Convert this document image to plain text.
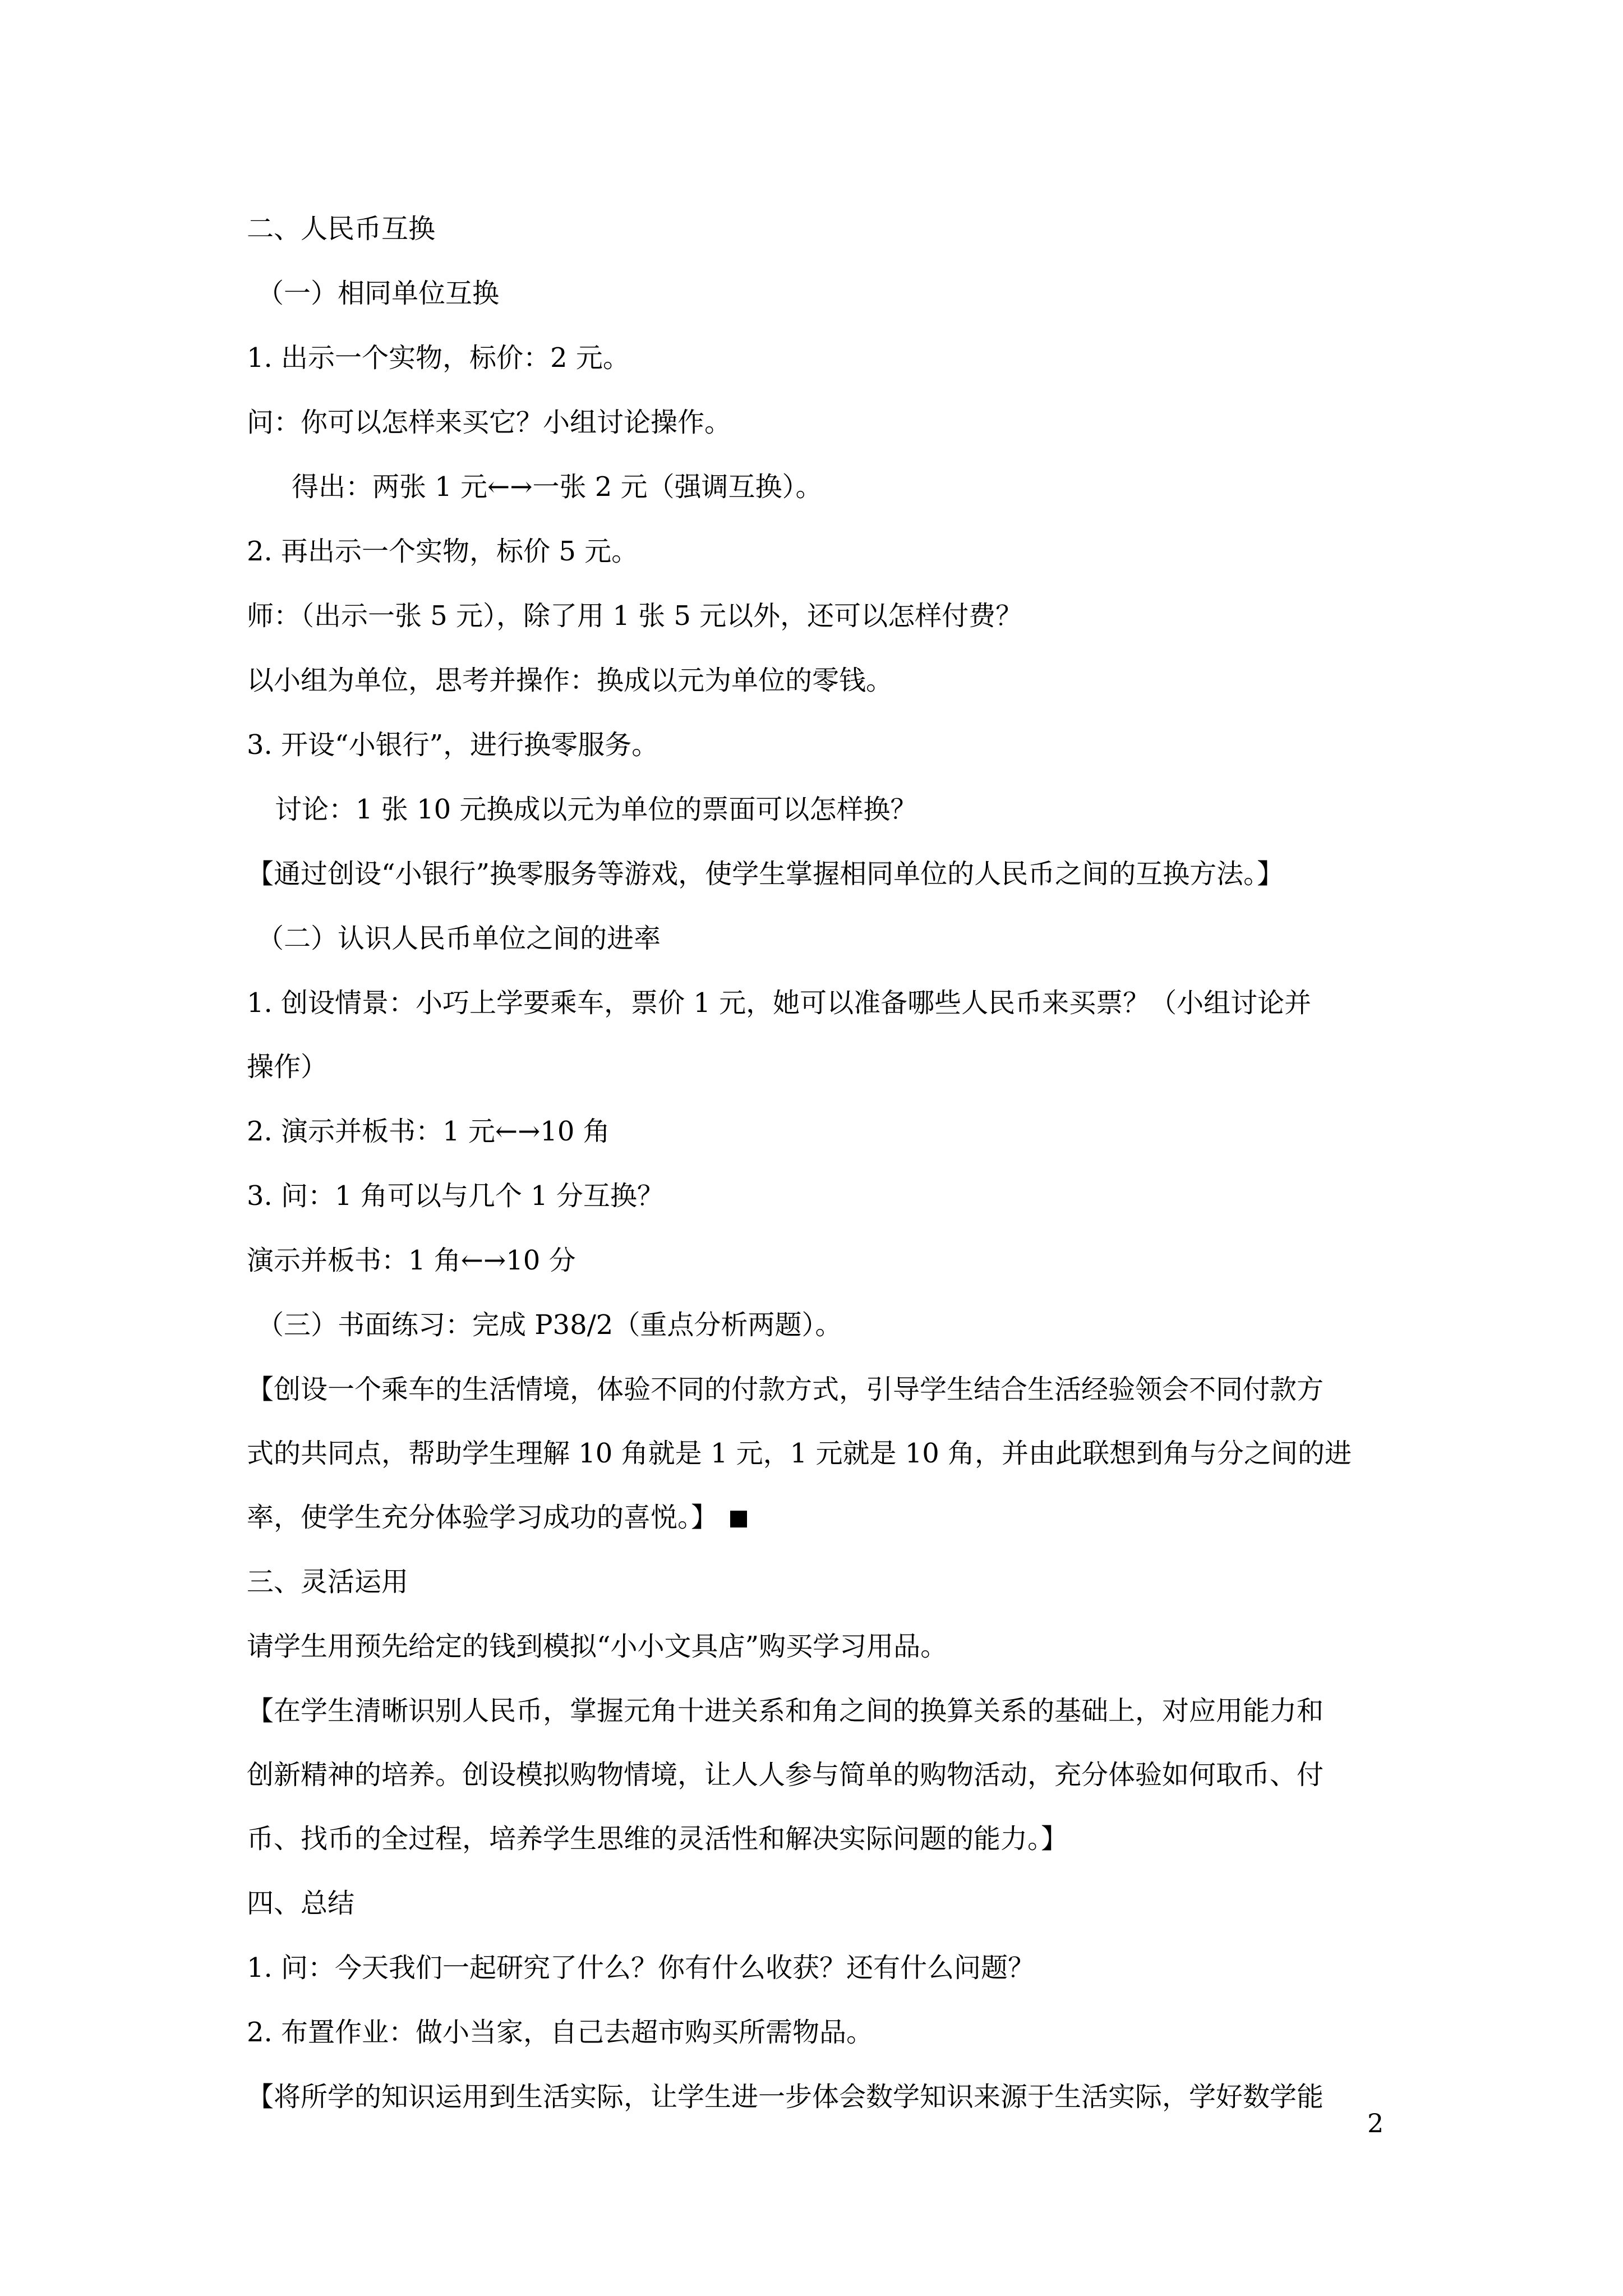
二、人民币互换
（一）相同单位互换
1. 出示一个实物，标价：2 元。
问：你可以怎样来买它？小组讨论操作。
得出：两张 1 元←→一张 2 元（强调互换）。
2. 再出示一个实物，标价 5 元。
师：（出示一张 5 元），除了用 1 张 5 元以外，还可以怎样付费？
以小组为单位，思考并操作：换成以元为单位的零钱。
3. 开设“小银行”，进行换零服务。
讨论：1 张 10 元换成以元为单位的票面可以怎样换？
【通过创设“小银行”换零服务等游戏，使学生掌握相同单位的人民币之间的互换方法。】
（二）认识人民币单位之间的进率
1. 创设情景：小巧上学要乘车，票价 1 元，她可以准备哪些人民币来买票？（小组讨论并
操作）
2. 演示并板书：1 元←→10 角
3. 问：1 角可以与几个 1 分互换？
演示并板书：1 角←→10 分
（三）书面练习：完成 P38/2（重点分析两题）。
【创设一个乘车的生活情境，体验不同的付款方式，引导学生结合生活经验领会不同付款方
式的共同点，帮助学生理解 10 角就是 1 元，1 元就是 10 角，并由此联想到角与分之间的进
率，使学生充分体验学习成功的喜悦。】
三、灵活运用
请学生用预先给定的钱到模拟“小小文具店”购买学习用品。
【在学生清晰识别人民币，掌握元角十进关系和角之间的换算关系的基础上，对应用能力和
创新精神的培养。创设模拟购物情境，让人人参与简单的购物活动，充分体验如何取币、付
币、找币的全过程，培养学生思维的灵活性和解决实际问题的能力。】
四、总结
1. 问：今天我们一起研究了什么？你有什么收获？还有什么问题？
2. 布置作业：做小当家，自己去超市购买所需物品。
【将所学的知识运用到生活实际，让学生进一步体会数学知识来源于生活实际，学好数学能
2
